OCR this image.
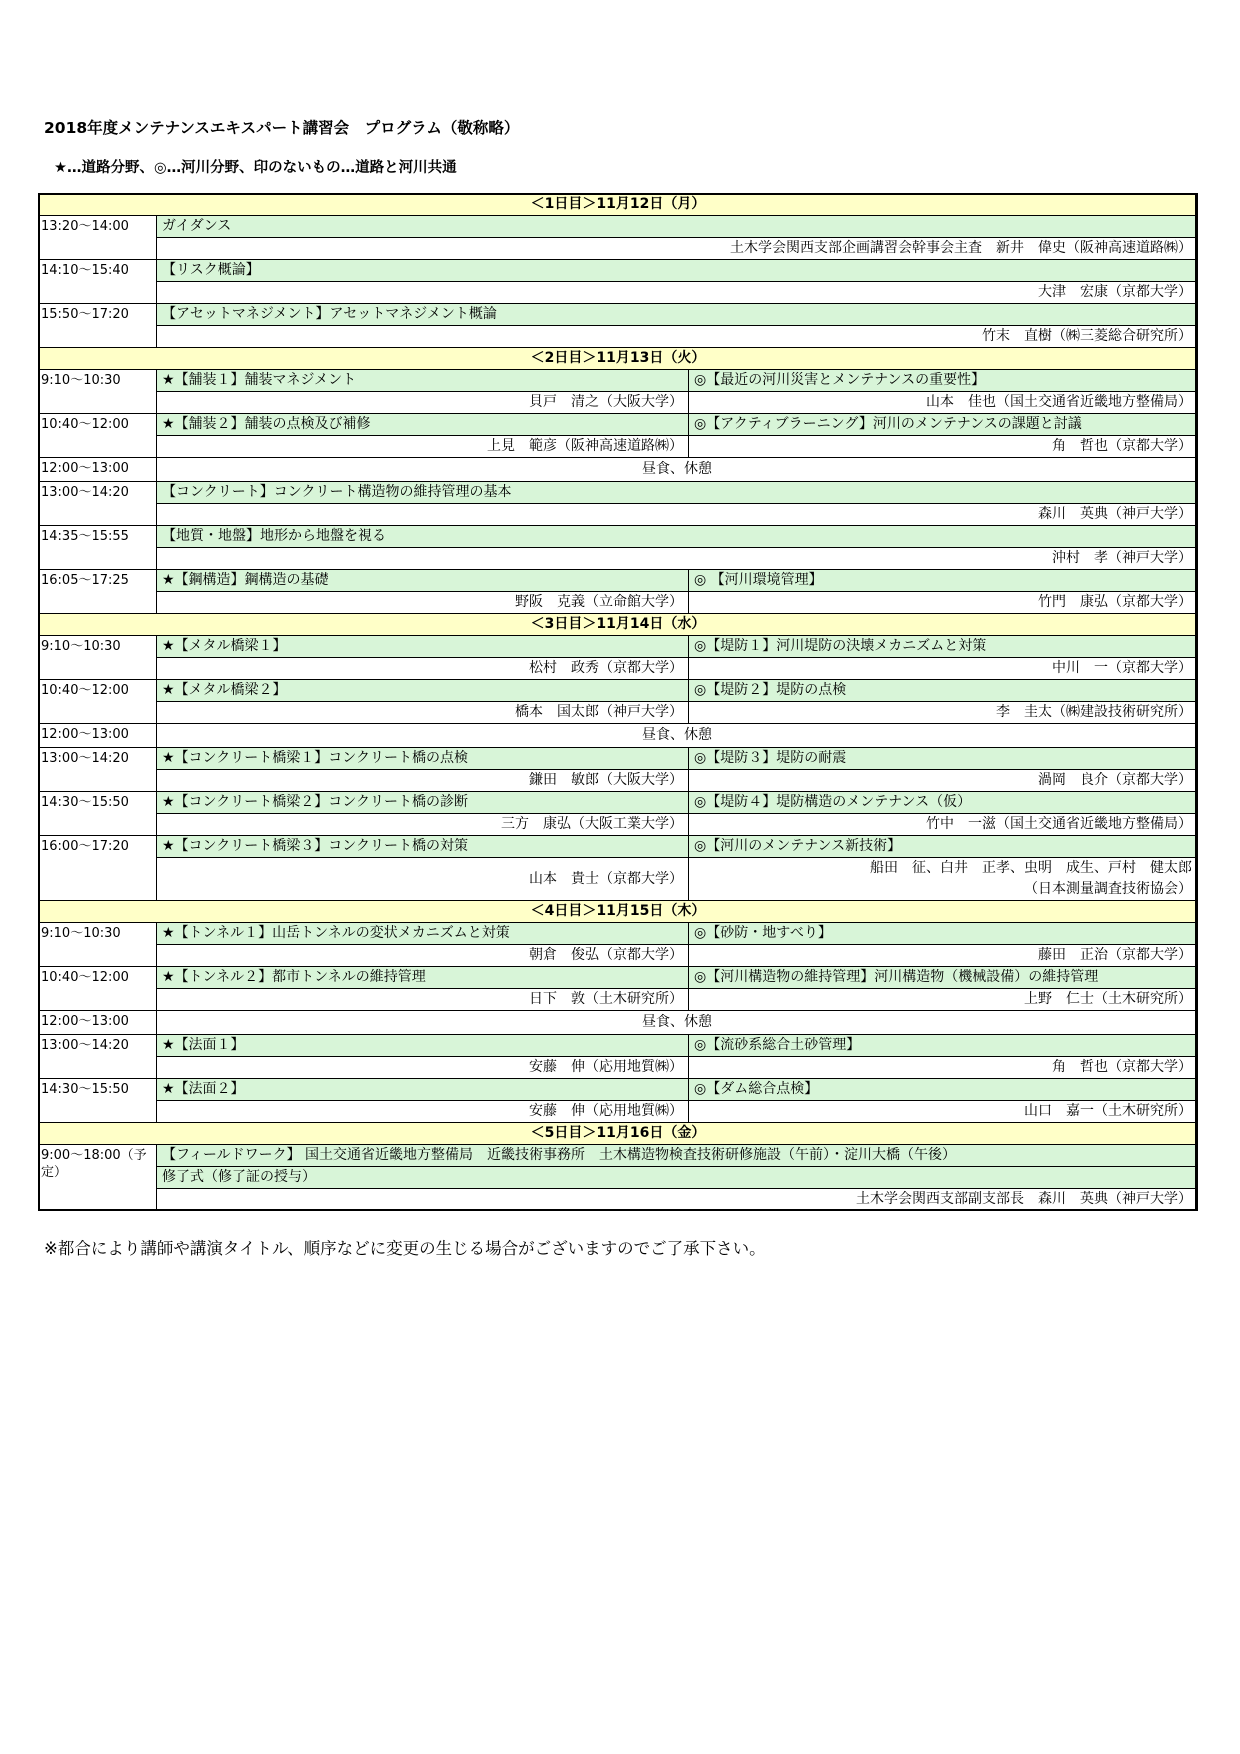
2018年度メンテナンスエキスパート講習会　プログラム（敬称略）
★…道路分野、◎…河川分野、印のないもの…道路と河川共通
＜1日目＞11月12日（月）		
13:20～14:00	ガイダンス	
	土木学会関西支部企画講習会幹事会主査　新井　偉史（阪神高速道路㈱）	
14:10～15:40	【リスク概論】	
	大津　宏康（京都大学）	
15:50～17:20	【アセットマネジメント】アセットマネジメント概論	
	竹末　直樹（㈱三菱総合研究所）	
＜2日目＞11月13日（火）		
9:10～10:30	★【舗装１】舗装マネジメント	◎【最近の河川災害とメンテナンスの重要性】
	貝戸　清之（大阪大学）	山本　佳也（国土交通省近畿地方整備局）
10:40～12:00	★【舗装２】舗装の点検及び補修	◎【アクティブラーニング】河川のメンテナンスの課題と討議
	上見　範彦（阪神高速道路㈱）	角　哲也（京都大学）
12:00～13:00	昼食、休憩	
13:00～14:20	【コンクリート】コンクリート構造物の維持管理の基本	
	森川　英典（神戸大学）	
14:35～15:55	【地質・地盤】地形から地盤を視る	
	沖村　孝（神戸大学）	
16:05～17:25	★【鋼構造】鋼構造の基礎	◎ 【河川環境管理】
	野阪　克義（立命館大学）	竹門　康弘（京都大学）
＜3日目＞11月14日（水）		
9:10～10:30	★【メタル橋梁１】	◎【堤防１】河川堤防の決壊メカニズムと対策
	松村　政秀（京都大学）	中川　一（京都大学）
10:40～12:00	★【メタル橋梁２】	◎【堤防２】堤防の点検
	橋本　国太郎（神戸大学）	李　圭太（㈱建設技術研究所）
12:00～13:00	昼食、休憩	
13:00～14:20	★【コンクリート橋梁１】コンクリート橋の点検	◎【堤防３】堤防の耐震
	鎌田　敏郎（大阪大学）	渦岡　良介（京都大学）
14:30～15:50	★【コンクリート橋梁２】コンクリート橋の診断	◎【堤防４】堤防構造のメンテナンス（仮）
	三方　康弘（大阪工業大学）	竹中　一滋（国土交通省近畿地方整備局）
16:00～17:20	★【コンクリート橋梁３】コンクリート橋の対策	◎【河川のメンテナンス新技術】
	山本　貴士（京都大学）	船田　征、白井　正孝、虫明　成生、戸村　健太郎
（日本測量調査技術協会）

＜4日目＞11月15日（木）		
9:10～10:30	★【トンネル１】山岳トンネルの変状メカニズムと対策	◎【砂防・地すべり】
	朝倉　俊弘（京都大学）	藤田　正治（京都大学）
10:40～12:00	★【トンネル２】都市トンネルの維持管理	◎【河川構造物の維持管理】河川構造物（機械設備）の維持管理
	日下　敦（土木研究所）	上野　仁士（土木研究所）
12:00～13:00	昼食、休憩	
13:00～14:20	★【法面１】	◎【流砂系総合土砂管理】
	安藤　伸（応用地質㈱）	角　哲也（京都大学）
14:30～15:50	★【法面２】	◎【ダム総合点検】
	安藤　伸（応用地質㈱）	山口　嘉一（土木研究所）
＜5日目＞11月16日（金）		
9:00～18:00（予定）	【フィールドワーク】 国土交通省近畿地方整備局　近畿技術事務所　土木構造物検査技術研修施設（午前）・淀川大橋（午後）	
	修了式（修了証の授与）	
	土木学会関西支部副支部長　森川　英典（神戸大学）	
※都合により講師や講演タイトル、順序などに変更の生じる場合がございますのでご了承下さい。
